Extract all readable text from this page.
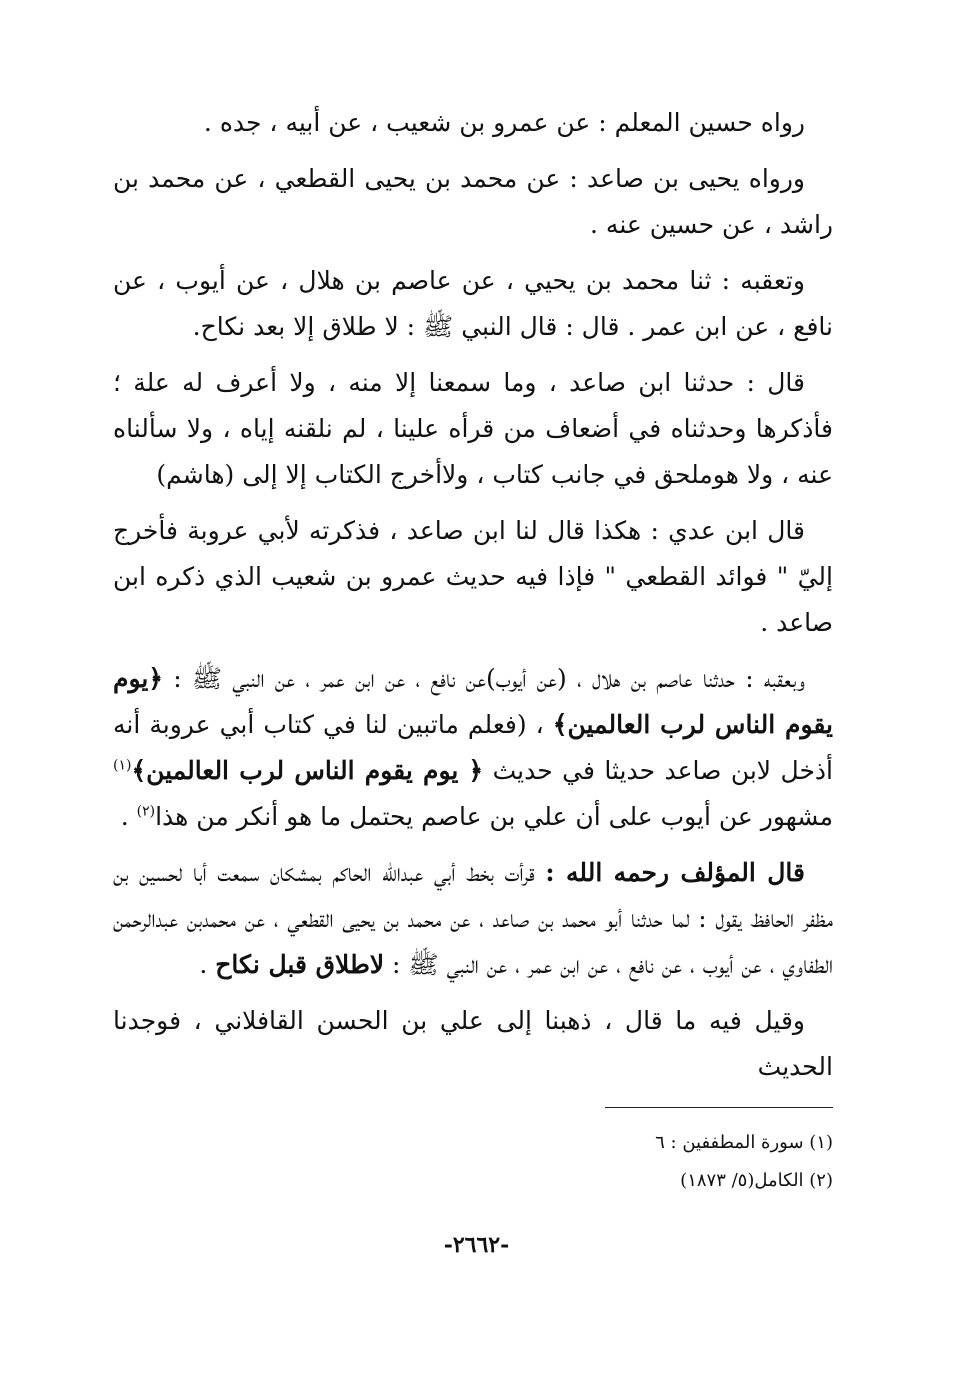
رواه حسين المعلم : عن عمرو بن شعيب ، عن أبيه ، جده .

ورواه يحيى بن صاعد : عن محمد بن يحيى القطعي ، عن محمد بن راشد ، عن حسين عنه .

وتعقبه : ثنا محمد بن يحيي ، عن عاصم بن هلال ، عن أيوب ، عن نافع ، عن ابن عمر . قال : قال النبي ﷺ : لا طلاق إلا بعد نكاح.

قال : حدثنا ابن صاعد ، وما سمعنا إلا منه ، ولا أعرف له علة ؛ فأذكرها وحدثناه في أضعاف من قرأه علينا ، لم نلقنه إياه ، ولا سألناه عنه ، ولا هوملحق في جانب كتاب ، ولاأخرج الكتاب إلا إلى (هاشم)

قال ابن عدي : هكذا قال لنا ابن صاعد ، فذكرته لأبي عروبة فأخرج إليّ " فوائد القطعي " فإذا فيه حديث عمرو بن شعيب الذي ذكره ابن صاعد .

وبعقبه : حدثنا عاصم بن هلال ، (عن أيوب)عن نافع ، عن ابن عمر ، عن النبي ﷺ : ﴿يوم يقوم الناس لرب العالمين﴾ ، (فعلم ماتبين لنا في كتاب أبي عروبة أنه أذخل لابن صاعد حديثا في حديث ﴿ يوم يقوم الناس لرب العالمين﴾$^{(١)}$ مشهور عن أيوب على أن علي بن عاصم يحتمل ما هو أنكر من هذا$^{(٢)}$ .

قال المؤلف رحمه الله : قرأت بخط أبي عبدالله الحاكم بمشكان سمعت أبا لحسين بن مظفر الحافظ يقول : لما حدثنا أبو محمد بن صاعد ، عن محمد بن يحيى القطعي ، عن محمدبن عبدالرحمن الطفاوي ، عن أيوب ، عن نافع ، عن ابن عمر ، عن النبي ﷺ : لاطلاق قبل نكاح .

وقيل فيه ما قال ، ذهبنا إلى علي بن الحسن القافلاني ، فوجدنا الحديث

(١) سورة المطففين : ٦

(٢) الكامل(٥/ ١٨٧٣)

-٢٦٦٢-
